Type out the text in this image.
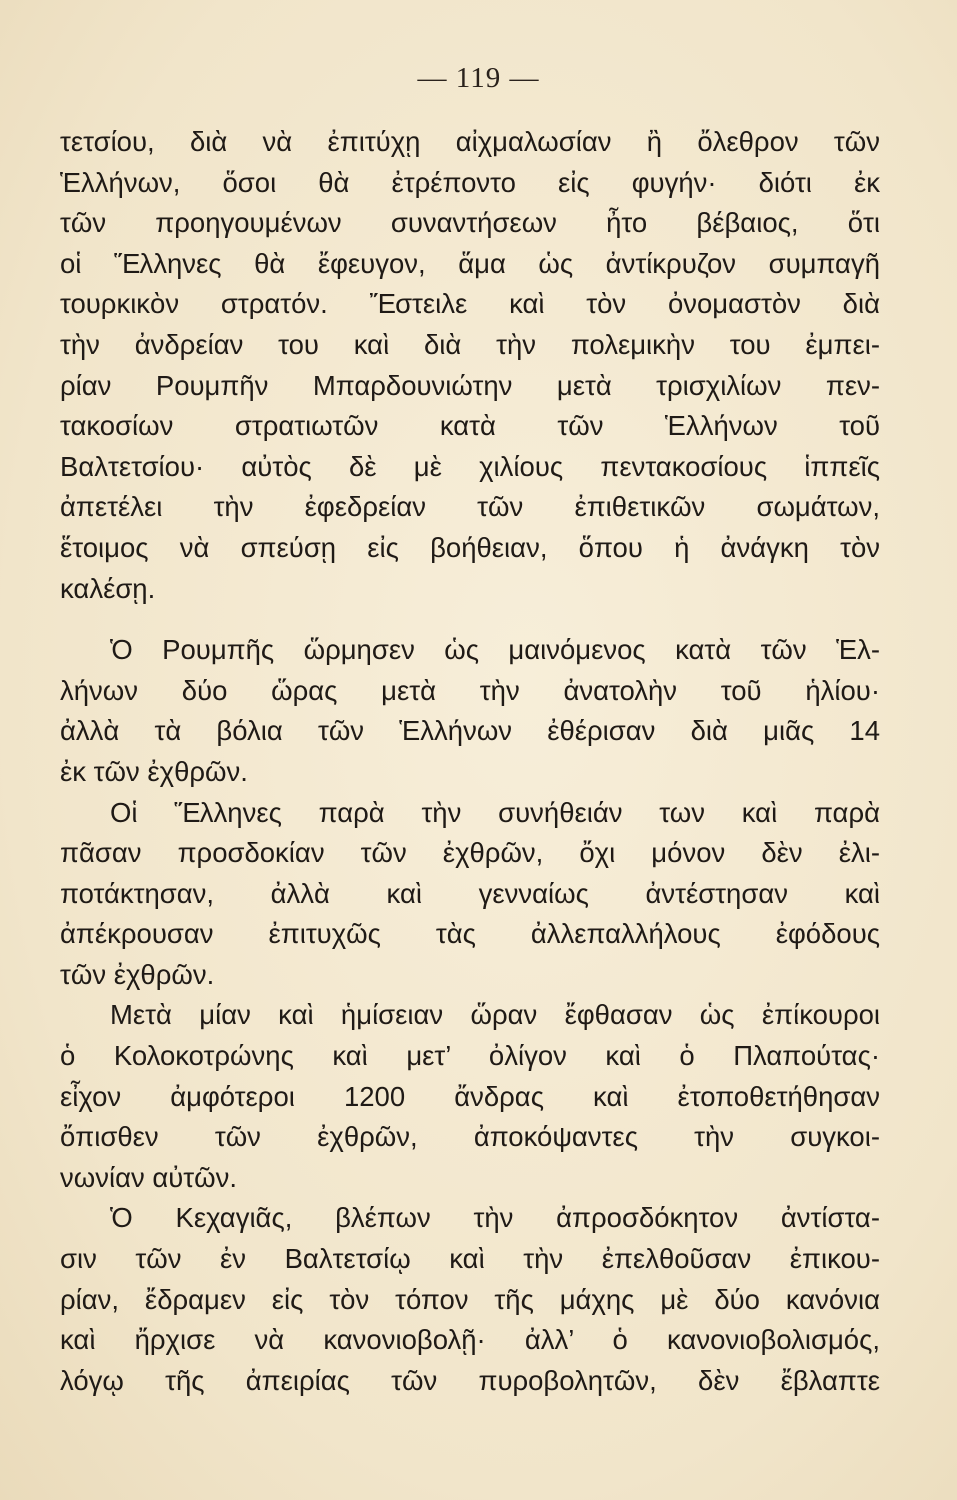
— 119 —
τετσίου, διὰ νὰ ἐπιτύχῃ αἰχμαλωσίαν ἢ ὄλεθρον τῶν
Ἑλλήνων, ὅσοι θὰ ἐτρέποντο εἰς φυγήν· διότι ἐκ
τῶν προηγουμένων συναντήσεων ἦτο βέβαιος, ὅτι
οἱ Ἕλληνες θὰ ἔφευγον, ἅμα ὡς ἀντίκρυζον συμπαγῆ
τουρκικὸν στρατόν. Ἔστειλε καὶ τὸν ὀνομαστὸν διὰ
τὴν ἀνδρείαν του καὶ διὰ τὴν πολεμικὴν του ἐμπει-
ρίαν Ρουμπῆν Μπαρδουνιώτην μετὰ τρισχιλίων πεν-
τακοσίων στρατιωτῶν κατὰ τῶν Ἑλλήνων τοῦ
Βαλτετσίου· αὐτὸς δὲ μὲ χιλίους πεντακοσίους ἱππεῖς
ἀπετέλει τὴν ἐφεδρείαν τῶν ἐπιθετικῶν σωμάτων,
ἕτοιμος νὰ σπεύσῃ εἰς βοήθειαν, ὅπου ἡ ἀνάγκη τὸν
καλέσῃ.
Ὁ Ρουμπῆς ὥρμησεν ὡς μαινόμενος κατὰ τῶν Ἑλ-
λήνων δύο ὥρας μετὰ τὴν ἀνατολὴν τοῦ ἡλίου·
ἀλλὰ τὰ βόλια τῶν Ἑλλήνων ἐθέρισαν διὰ μιᾶς 14
ἐκ τῶν ἐχθρῶν.
Οἱ Ἕλληνες παρὰ τὴν συνήθειάν των καὶ παρὰ
πᾶσαν προσδοκίαν τῶν ἐχθρῶν, ὄχι μόνον δὲν ἐλι-
ποτάκτησαν, ἀλλὰ καὶ γενναίως ἀντέστησαν καὶ
ἀπέκρουσαν ἐπιτυχῶς τὰς ἀλλεπαλλήλους ἐφόδους
τῶν ἐχθρῶν.
Μετὰ μίαν καὶ ἡμίσειαν ὥραν ἔφθασαν ὡς ἐπίκουροι
ὁ Κολοκοτρώνης καὶ μετ’ ὀλίγον καὶ ὁ Πλαπούτας·
εἶχον ἀμφότεροι 1200 ἄνδρας καὶ ἐτοποθετήθησαν
ὄπισθεν τῶν ἐχθρῶν, ἀποκόψαντες τὴν συγκοι-
νωνίαν αὐτῶν.
Ὁ Κεχαγιᾶς, βλέπων τὴν ἀπροσδόκητον ἀντίστα-
σιν τῶν ἐν Βαλτετσίῳ καὶ τὴν ἐπελθοῦσαν ἐπικου-
ρίαν, ἔδραμεν εἰς τὸν τόπον τῆς μάχης μὲ δύο κανόνια
καὶ ἤρχισε νὰ κανονιοβολῇ· ἀλλ’ ὁ κανονιοβολισμός,
λόγῳ τῆς ἀπειρίας τῶν πυροβολητῶν, δὲν ἔβλαπτε
